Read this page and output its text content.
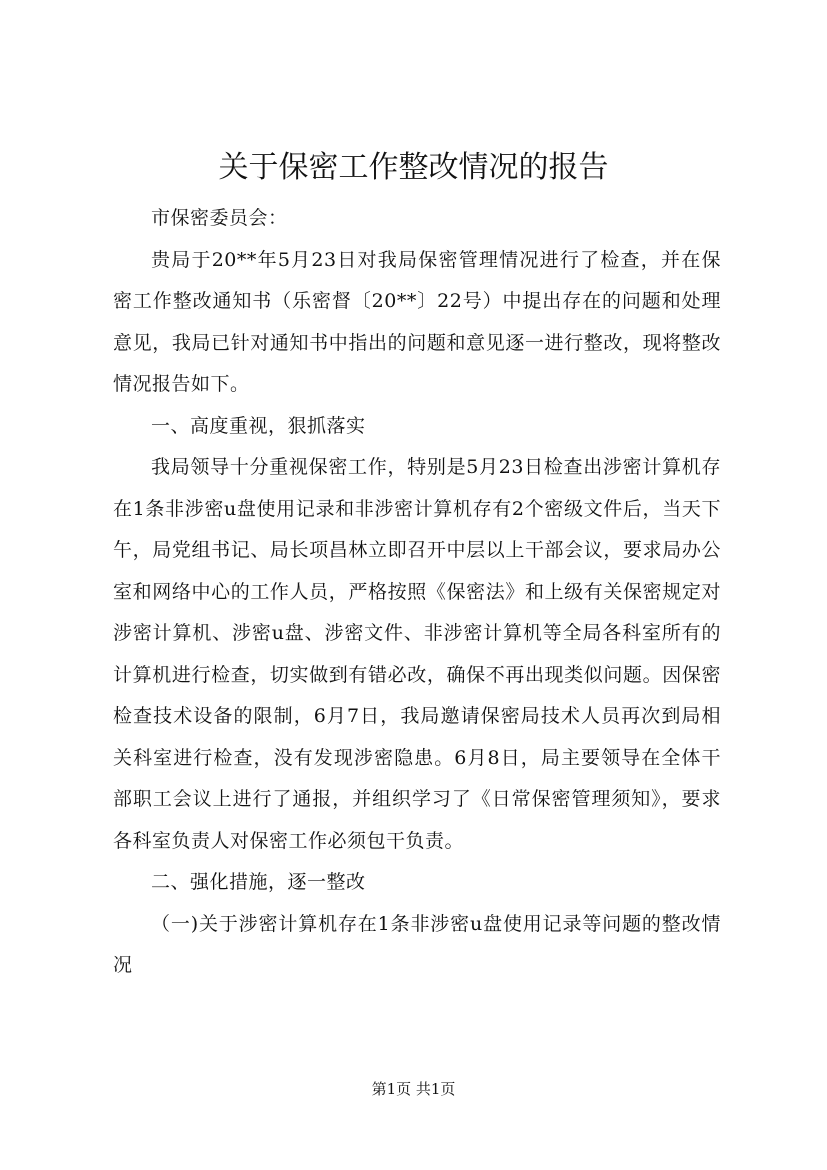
关于保密工作整改情况的报告

市保密委员会：

贵局于20**年5月23日对我局保密管理情况进行了检查，并在保密工作整改通知书（乐密督〔20**〕22号）中提出存在的问题和处理意见，我局已针对通知书中指出的问题和意见逐一进行整改，现将整改情况报告如下。

一、高度重视，狠抓落实

我局领导十分重视保密工作，特别是5月23日检查出涉密计算机存在1条非涉密u盘使用记录和非涉密计算机存有2个密级文件后，当天下午，局党组书记、局长项昌林立即召开中层以上干部会议，要求局办公室和网络中心的工作人员，严格按照《保密法》和上级有关保密规定对涉密计算机、涉密u盘、涉密文件、非涉密计算机等全局各科室所有的计算机进行检查，切实做到有错必改，确保不再出现类似问题。因保密检查技术设备的限制，6月7日，我局邀请保密局技术人员再次到局相关科室进行检查，没有发现涉密隐患。6月8日，局主要领导在全体干部职工会议上进行了通报，并组织学习了《日常保密管理须知》，要求各科室负责人对保密工作必须包干负责。

二、强化措施，逐一整改

（一)关于涉密计算机存在1条非涉密u盘使用记录等问题的整改情况

第1页 共1页
